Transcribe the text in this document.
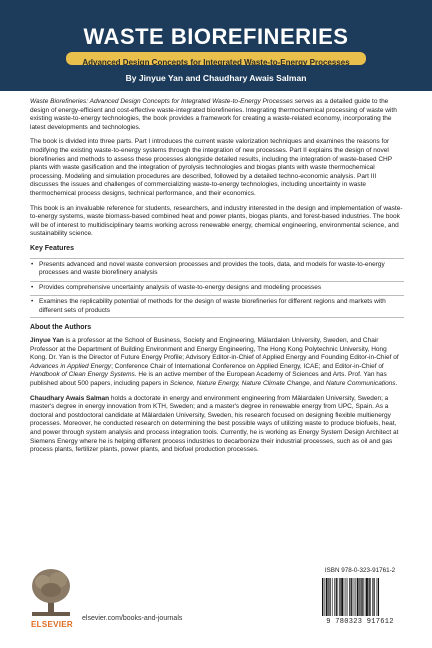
WASTE BIOREFINERIES
Advanced Design Concepts for Integrated Waste-to-Energy Processes
By Jinyue Yan and Chaudhary Awais Salman

Waste Biorefineries: Advanced Design Concepts for Integrated Waste-to-Energy Processes serves as a detailed guide to the design of energy-efficient and cost-effective waste-integrated biorefineries. Integrating thermochemical processing of waste with existing waste-to-energy technologies, the book provides a framework for creating a waste-related economy, incorporating the latest developments and technologies.

The book is divided into three parts. Part I introduces the current waste valorization techniques and examines the reasons for modifying the existing waste-to-energy systems through the integration of new processes. Part II explains the design of novel biorefineries and methods to assess these processes alongside detailed results, including the integration of waste-based CHP plants with waste gasification and the integration of pyrolysis technologies and biogas plants with waste thermochemical processing. Modeling and simulation procedures are described, followed by a detailed techno-economic analysis. Part III discusses the issues and challenges of commercializing waste-to-energy technologies, including uncertainty in waste thermochemical process designs, technical performance, and their economics.

This book is an invaluable reference for students, researchers, and industry interested in the design and implementation of waste-to-energy systems, waste biomass-based combined heat and power plants, biogas plants, and forest-based industries. The book will be of interest to multidisciplinary teams working across renewable energy, chemical engineering, environmental science, and sustainability science.

Key Features
• Presents advanced and novel waste conversion processes and provides the tools, data, and models for waste-to-energy processes and waste biorefinery analysis
• Provides comprehensive uncertainty analysis of waste-to-energy designs and modeling processes
• Examines the replicability potential of methods for the design of waste biorefineries for different regions and markets with different sets of products
About the Authors

Jinyue Yan is a professor at the School of Business, Society and Engineering, Mälardalen University, Sweden, and Chair Professor at the Department of Building Environment and Energy Engineering, The Hong Kong Polytechnic University, Hong Kong. Dr. Yan is the Director of Future Energy Profile; Advisory Editor-in-Chief of Applied Energy and Founding Editor-in-Chief of Advances in Applied Energy; Conference Chair of International Conference on Applied Energy, ICAE; and Editor-in-Chief of Handbook of Clean Energy Systems. He is an active member of the European Academy of Sciences and Arts. Prof. Yan has published about 500 papers, including papers in Science, Nature Energy, Nature Climate Change, and Nature Communications.

Chaudhary Awais Salman holds a doctorate in energy and environment engineering from Mälardalen University, Sweden; a master's degree in energy innovation from KTH, Sweden; and a master's degree in renewable energy from UPC, Spain. As a doctoral and postdoctoral candidate at Mälardalen University, Sweden, his research focused on designing flexible multienergy processes. Moreover, he conducted research on determining the best possible ways of utilizing waste to produce biofuels, heat, and power through system analysis and process integration tools. Currently, he is working as Energy System Design Architect at Siemens Energy where he is helping different process industries to decarbonize their industrial processes, such as oil and gas process plants, fertilizer plants, power plants, and biofuel production processes.

ELSEVIER
elsevier.com/books-and-journals
ISBN 978-0-323-91761-2
9 780323 917612
